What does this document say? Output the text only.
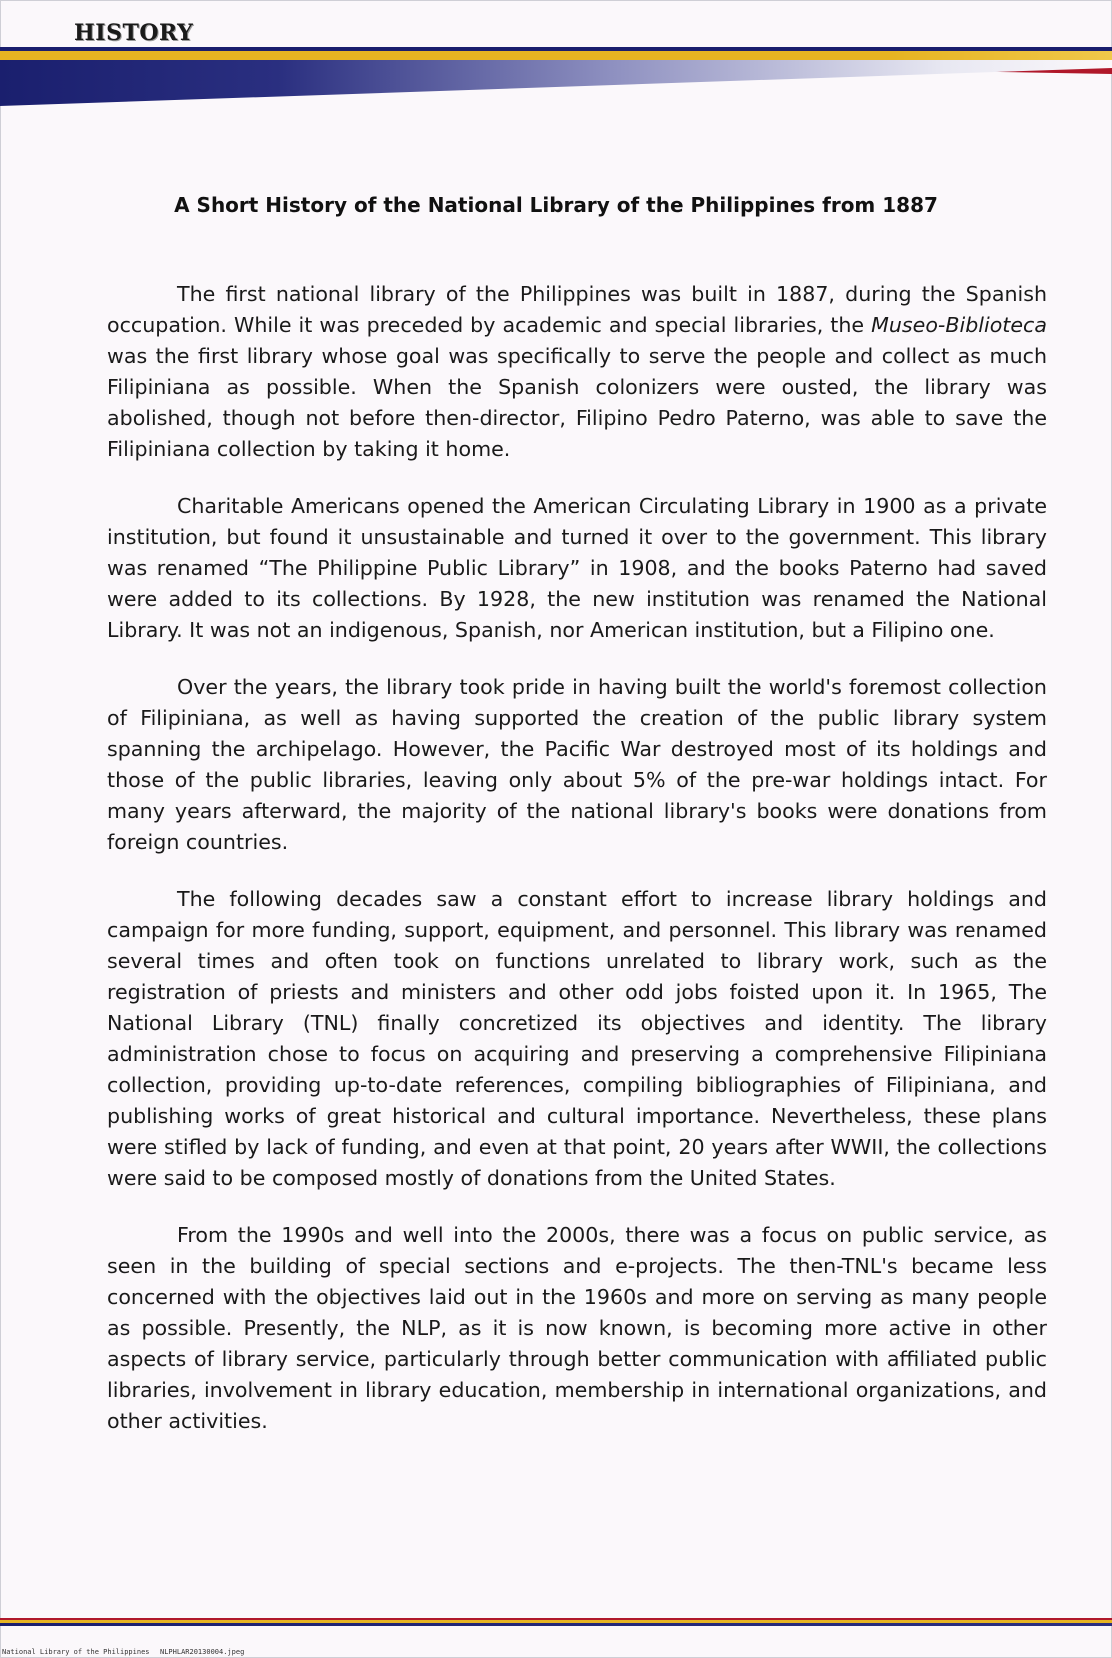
HISTORY
A Short History of the National Library of the Philippines from 1887

The first national library of the Philippines was built in 1887, during the Spanish occupation. While it was preceded by academic and special libraries, the Museo-Biblioteca was the first library whose goal was specifically to serve the people and collect as much Filipiniana as possible. When the Spanish colonizers were ousted, the library was abolished, though not before then-director, Filipino Pedro Paterno, was able to save the Filipiniana collection by taking it home.

Charitable Americans opened the American Circulating Library in 1900 as a private institution, but found it unsustainable and turned it over to the government. This library was renamed “The Philippine Public Library” in 1908, and the books Paterno had saved were added to its collections. By 1928, the new institution was renamed the National Library. It was not an indigenous, Spanish, nor American institution, but a Filipino one.

Over the years, the library took pride in having built the world's foremost collection of Filipiniana, as well as having supported the creation of the public library system spanning the archipelago. However, the Pacific War destroyed most of its holdings and those of the public libraries, leaving only about 5% of the pre-war holdings intact. For many years afterward, the majority of the national library's books were donations from foreign countries.

The following decades saw a constant effort to increase library holdings and campaign for more funding, support, equipment, and personnel. This library was renamed several times and often took on functions unrelated to library work, such as the registration of priests and ministers and other odd jobs foisted upon it. In 1965, The National Library (TNL) finally concretized its objectives and identity. The library administration chose to focus on acquiring and preserving a comprehensive Filipiniana collection, providing up-to-date references, compiling bibliographies of Filipiniana, and publishing works of great historical and cultural importance. Nevertheless, these plans were stifled by lack of funding, and even at that point, 20 years after WWII, the collections were said to be composed mostly of donations from the United States.

From the 1990s and well into the 2000s, there was a focus on public service, as seen in the building of special sections and e-projects. The then-TNL's became less concerned with the objectives laid out in the 1960s and more on serving as many people as possible. Presently, the NLP, as it is now known, is becoming more active in other aspects of library service, particularly through better communication with affiliated public libraries, involvement in library education, membership in international organizations, and other activities.

National Library of the Philippines NLPHLAR20130004.jpeg
